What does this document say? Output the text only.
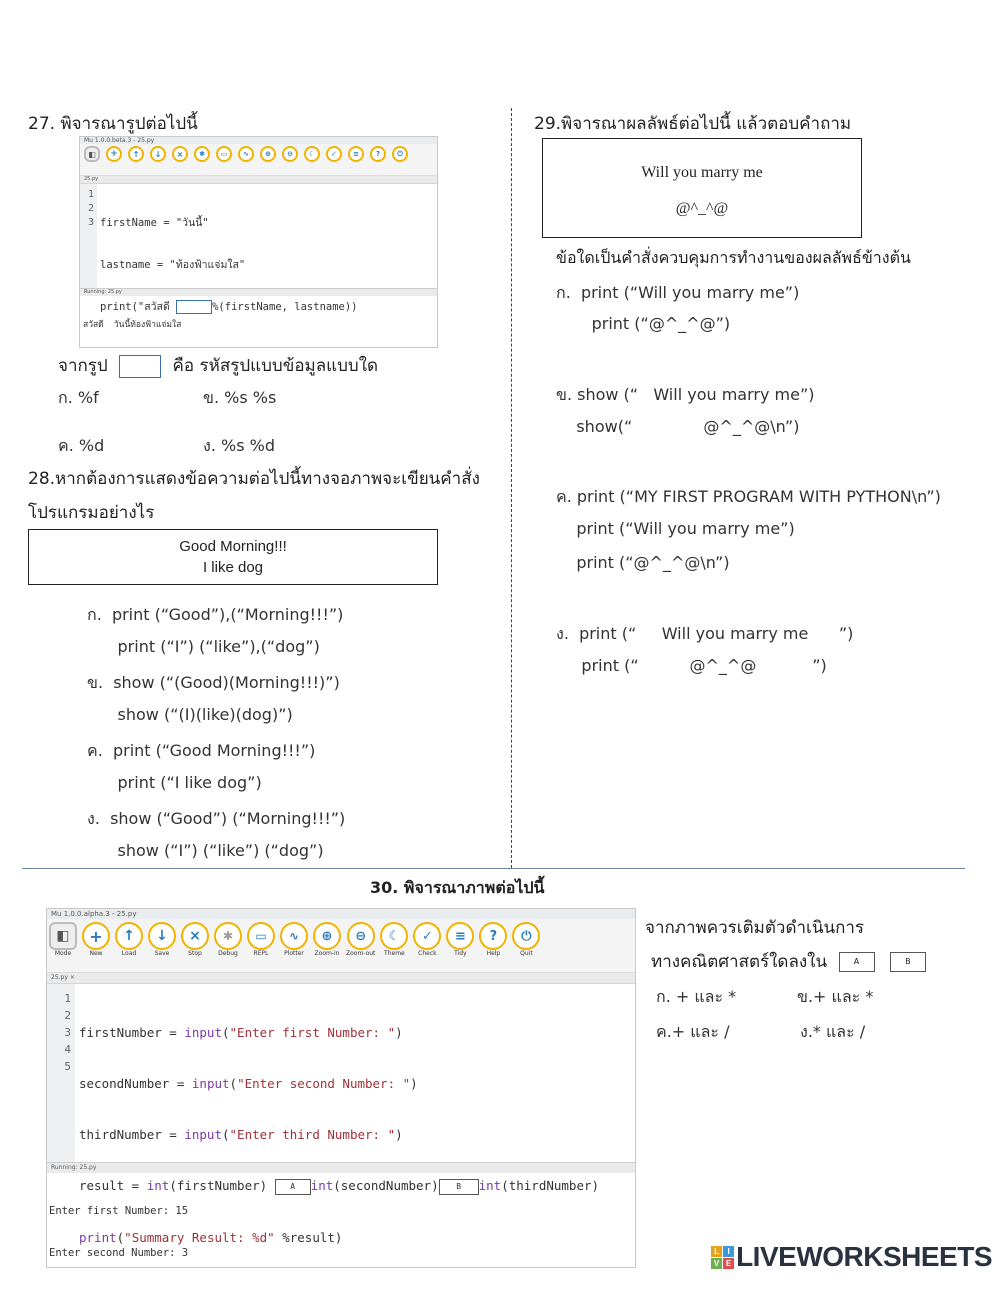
27. พิจารณารูปต่อไปนี้
Mu 1.0.0.beta.3 - 25.py
◧	+	↑	↓	×	✱	▭	∿	⊕	⊖	☾	✓	≡	?	⏻
25.py
1
2
3

firstName = "วันนี้"

lastname = "ท้องฟ้าแจ่มใส"

print("สวัสดี	%(firstName, lastname))

Running: 25.py

สวัสดี  วันนี้ท้องฟ้าแจ่มใส

จากรูป	คือ รหัสรูปแบบข้อมูลแบบใด
ก. %f	ข. %s %s
ค. %d	ง. %s %d
28.หากต้องการแสดงข้อความต่อไปนี้ทางจอภาพจะเขียนคำสั่ง
โปรแกรมอย่างไร
Good Morning!!!
I like dog
ก.  print (“Good”),(“Morning!!!”)
print (“I”) (“like”),(“dog”)
ข.  show (“(Good)(Morning!!!)”)
show (“(I)(like)(dog)”)
ค.  print (“Good Morning!!!”)
print (“I like dog”)
ง.  show (“Good”) (“Morning!!!”)
show (“I”) (“like”) (“dog”)
29.พิจารณาผลลัพธ์ต่อไปนี้ แล้วตอบคำถาม
Will you marry me
@^_^@
ข้อใดเป็นคำสั่งควบคุมการทำงานของผลลัพธ์ข้างต้น
ก.  print (“Will you marry me”)
print (“@^_^@”)
ข. show (“   Will you marry me”)
show(“              @^_^@\n”)
ค. print (“MY FIRST PROGRAM WITH PYTHON\n”)
print (“Will you marry me”)
print (“@^_^@\n”)
ง.  print (“     Will you marry me      ”)
print (“          @^_^@           ”)
30. พิจารณาภาพต่อไปนี้
Mu 1.0.0.alpha.3 - 25.py
◧
Mode
+
New
↑
Load
↓
Save
×
Stop
✱
Debug
▭
REPL
∿
Plotter
⊕
Zoom-in
⊖
Zoom-out
☾
Theme
✓
Check
≡
Tidy
?
Help
⏻
Quit
25.py ×
1
2
3
4
5

firstNumber = input("Enter first Number: ")

secondNumber = input("Enter second Number: ")

thirdNumber = input("Enter third Number: ")

result = int(firstNumber) A int(secondNumber) B int(thirdNumber)

print("Summary Result: %d" %result)

Running: 25.py

Enter first Number: 15

Enter second Number: 3

จากภาพควรเติมตัวดำเนินการ
ทางคณิตศาสตร์ใดลงใน	A	B
ก. + และ *	ข.+ และ *
ค.+ และ /	ง.* และ /
L	I
V E LIVEWORKSHEETS
